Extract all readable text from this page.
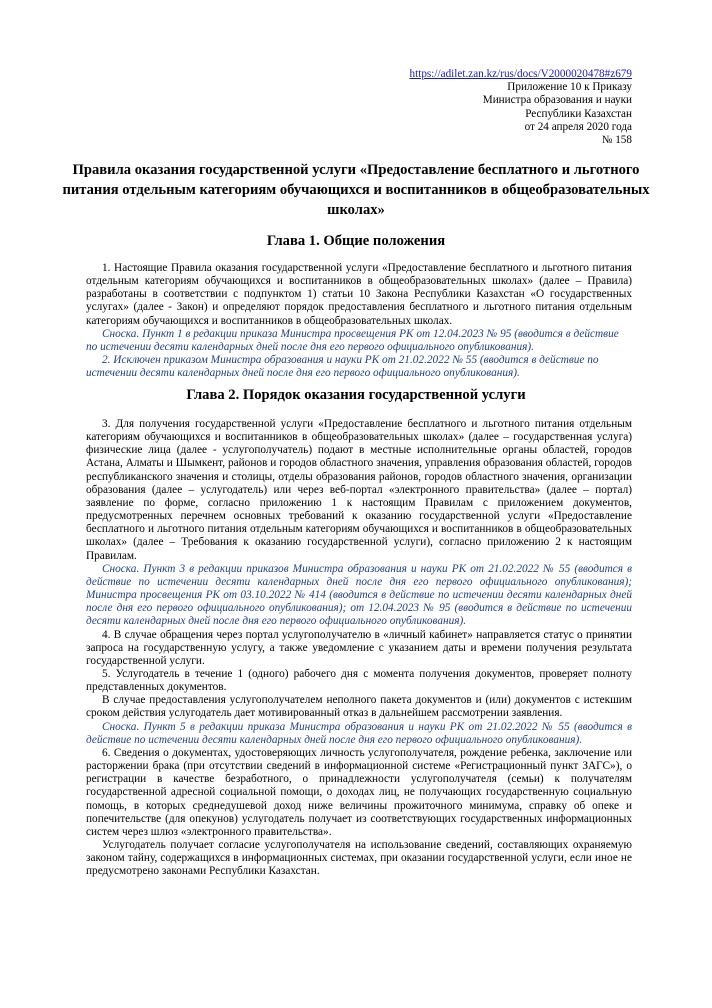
https://adilet.zan.kz/rus/docs/V2000020478#z679
Приложение 10 к Приказу
Министра образования и науки
Республики Казахстан
от 24 апреля 2020 года
№ 158
Правила оказания государственной услуги «Предоставление бесплатного и льготного питания отдельным категориям обучающихся и воспитанников в общеобразовательных школах»
Глава 1. Общие положения

1. Настоящие Правила оказания государственной услуги «Предоставление бесплатного и льготного питания отдельным категориям обучающихся и воспитанников в общеобразовательных школах» (далее – Правила) разработаны в соответствии с подпунктом 1) статьи 10 Закона Республики Казахстан «О государственных услугах» (далее - Закон) и определяют порядок предоставления бесплатного и льготного питания отдельным категориям обучающихся и воспитанников в общеобразовательных школах.

Сноска. Пункт 1 в редакции приказа Министра просвещения РК от 12.04.2023 № 95 (вводится в действие по истечении десяти календарных дней после дня его первого официального опубликования).

2. Исключен приказом Министра образования и науки РК от 21.02.2022 № 55 (вводится в действие по истечении десяти календарных дней после дня его первого официального опубликования).

Глава 2. Порядок оказания государственной услуги

3. Для получения государственной услуги «Предоставление бесплатного и льготного питания отдельным категориям обучающихся и воспитанников в общеобразовательных школах» (далее – государственная услуга) физические лица (далее - услугополучатель) подают в местные исполнительные органы областей, городов Астана, Алматы и Шымкент, районов и городов областного значения, управления образования областей, городов республиканского значения и столицы, отделы образования районов, городов областного значения, организации образования (далее – услугодатель) или через веб-портал «электронного правительства» (далее – портал) заявление по форме, согласно приложению 1 к настоящим Правилам с приложением документов, предусмотренных перечнем основных требований к оказанию государственной услуги «Предоставление бесплатного и льготного питания отдельным категориям обучающихся и воспитанников в общеобразовательных школах» (далее – Требования к оказанию государственной услуги), согласно приложению 2 к настоящим Правилам.

Сноска. Пункт 3 в редакции приказов Министра образования и науки РК от 21.02.2022 № 55 (вводится в действие по истечении десяти календарных дней после дня его первого официального опубликования); Министра просвещения РК от 03.10.2022 № 414 (вводится в действие по истечении десяти календарных дней после дня его первого официального опубликования); от 12.04.2023 № 95 (вводится в действие по истечении десяти календарных дней после дня его первого официального опубликования).

4. В случае обращения через портал услугополучателю в «личный кабинет» направляется статус о принятии запроса на государственную услугу, а также уведомление с указанием даты и времени получения результата государственной услуги.

5. Услугодатель в течение 1 (одного) рабочего дня с момента получения документов, проверяет полноту представленных документов.

В случае предоставления услугополучателем неполного пакета документов и (или) документов с истекшим сроком действия услугодатель дает мотивированный отказ в дальнейшем рассмотрении заявления.

Сноска. Пункт 5 в редакции приказа Министра образования и науки РК от 21.02.2022 № 55 (вводится в действие по истечении десяти календарных дней после дня его первого официального опубликования).

6. Сведения о документах, удостоверяющих личность услугополучателя, рождение ребенка, заключение или расторжении брака (при отсутствии сведений в информационной системе «Регистрационный пункт ЗАГС»), о регистрации в качестве безработного, о принадлежности услугополучателя (семьи) к получателям государственной адресной социальной помощи, о доходах лиц, не получающих государственную социальную помощь, в которых среднедушевой доход ниже величины прожиточного минимума, справку об опеке и попечительстве (для опекунов) услугодатель получает из соответствующих государственных информационных систем через шлюз «электронного правительства».

Услугодатель получает согласие услугополучателя на использование сведений, составляющих охраняемую законом тайну, содержащихся в информационных системах, при оказании государственной услуги, если иное не предусмотрено законами Республики Казахстан.
